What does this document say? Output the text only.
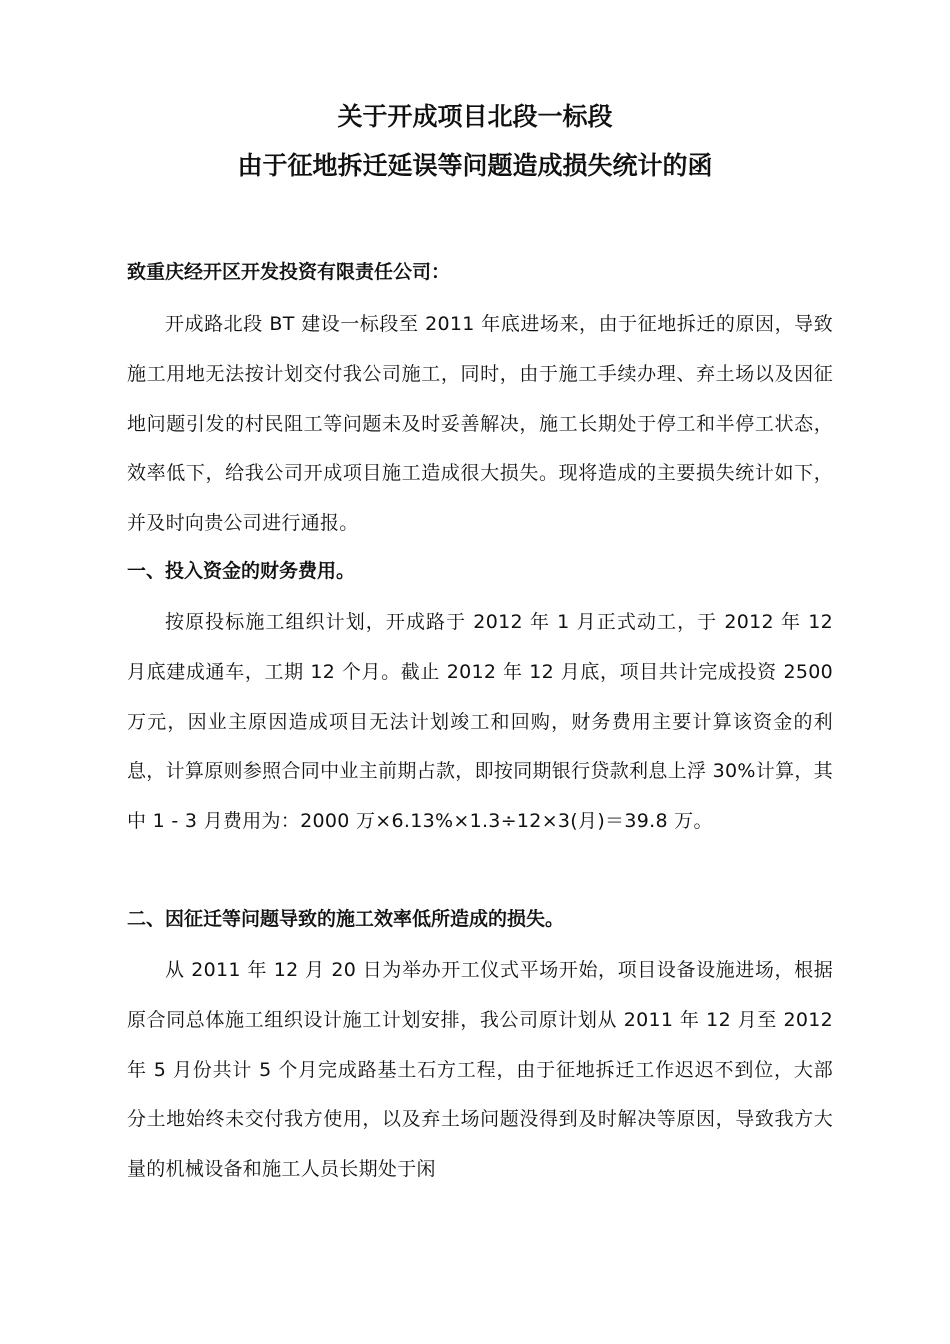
关于开成项目北段一标段
由于征地拆迁延误等问题造成损失统计的函
致重庆经开区开发投资有限责任公司：
开成路北段 BT 建设一标段至 2011 年底进场来，由于征地拆迁的原因，导致施工用地无法按计划交付我公司施工，同时，由于施工手续办理、弃土场以及因征地问题引发的村民阻工等问题未及时妥善解决，施工长期处于停工和半停工状态，效率低下，给我公司开成项目施工造成很大损失。现将造成的主要损失统计如下，并及时向贵公司进行通报。
一、投入资金的财务费用。
按原投标施工组织计划，开成路于 2012 年 1 月正式动工，于 2012 年 12 月底建成通车，工期 12 个月。截止 2012 年 12 月底，项目共计完成投资 2500 万元，因业主原因造成项目无法计划竣工和回购，财务费用主要计算该资金的利息，计算原则参照合同中业主前期占款，即按同期银行贷款利息上浮 30%计算，其中 1 - 3 月费用为：2000 万×6.13%×1.3÷12×3(月)＝39.8 万。
二、因征迁等问题导致的施工效率低所造成的损失。
从 2011 年 12 月 20 日为举办开工仪式平场开始，项目设备设施进场，根据原合同总体施工组织设计施工计划安排，我公司原计划从 2011 年 12 月至 2012 年 5 月份共计 5 个月完成路基土石方工程，由于征地拆迁工作迟迟不到位，大部分土地始终未交付我方使用，以及弃土场问题没得到及时解决等原因，导致我方大量的机械设备和施工人员长期处于闲
